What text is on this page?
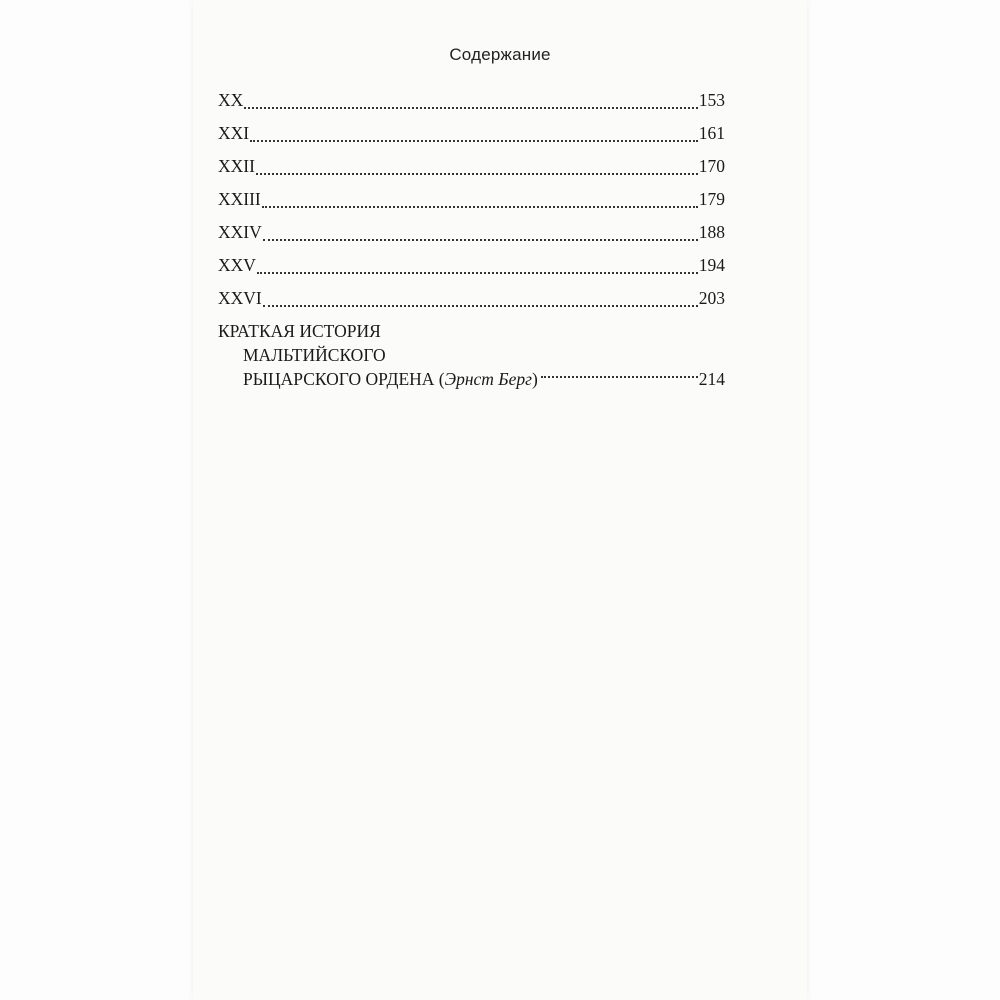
Содержание
XX	153
XXI	161
XXII	170
XXIII	179
XXIV	188
XXV	194
XXVI	203
КРАТКАЯ ИСТОРИЯ
МАЛЬТИЙСКОГО
РЫЦАРСКОГО ОРДЕНА
( Эрнст Берг )	214
